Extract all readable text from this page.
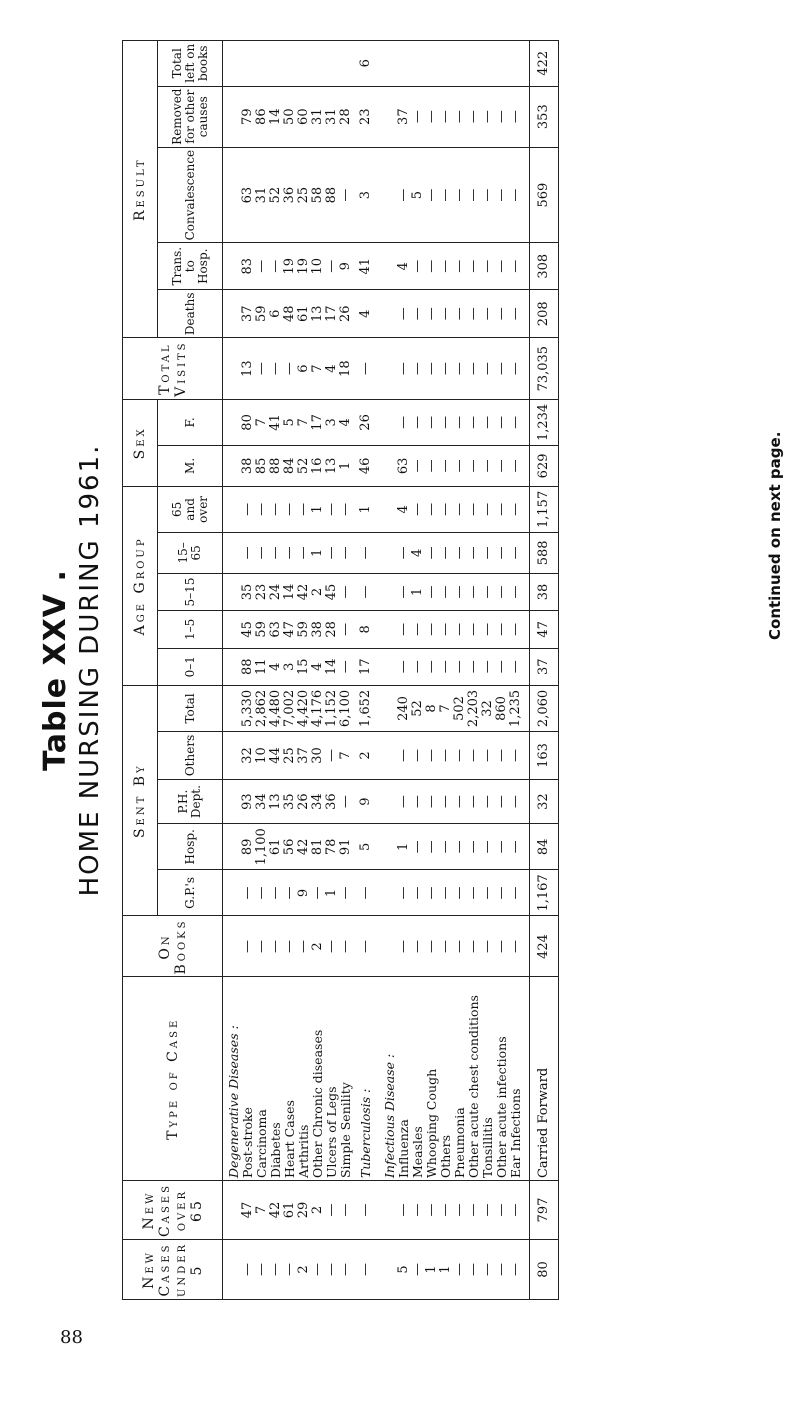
Table XXV . HOME NURSING DURING 1961.
New Cases under 5	New Cases over 65	Type of Case	On Books	Sent By					Age Group					Sex		Total Visits	Result				
				G.P.'s	Hosp.	P.H. Dept.	Others	Total	0–1	1–5	5–15	15–65	65 and over	M.	F.		Deaths	Trans. to Hosp.	Convalescence	Removed for other causes	Total left on books
		Degenerative Diseases :																			
—	47	Post-stroke	—	—	89	93	32	5,330	88	45	35	—	—	38	80	13	37	83	63	79	
—	7	Carcinoma	—	—	1,100	34	10	2,862	11	59	23	—	—	85	7	—	59	—	31	86	
—	42	Diabetes	—	—	61	13	44	4,480	4	63	24	—	—	88	41	—	6	—	52	14	
—	61	Heart Cases	—	—	56	35	25	7,002	3	47	14	—	—	84	5	—	48	19	36	50	
2	29	Arthritis	—	9	42	26	37	4,420	15	59	42	—	—	52	7	6	61	19	25	60	
—	2	Other Chronic diseases	2	—	81	34	30	4,176	4	38	2	1	1	16	17	7	13	10	58	31	
—	—	Ulcers of Legs	—	1	78	36	—	1,152	14	28	45	—	—	13	3	4	17	—	88	31	
—	—	Simple Senility	—	—	91	—	7	6,100	—	—	—	—	—	1	4	18	26	9	—	28	

—	—	Tuberculosis :	—	—	5	9	2	1,652	17	8	—	—	1	46	26	—	4	41	3	23	6

		Infectious Disease :																			
5	—	Influenza	—	—	1	—	—	240	—	—	—	—	4	63	—	—	—	4	—	37	
—	—	Measles	—	—	—	—	—	52	—	—	1	4	—	—	—	—	—	—	5	—	
1	—	Whooping Cough	—	—	—	—	—	8	—	—	—	—	—	—	—	—	—	—	—	—	
1	—	Others	—	—	—	—	—	7	—	—	—	—	—	—	—	—	—	—	—	—	
—	—	Pneumonia	—	—	—	—	—	502	—	—	—	—	—	—	—	—	—	—	—	—	
—	—	Other acute chest conditions	—	—	—	—	—	2,203	—	—	—	—	—	—	—	—	—	—	—	—	
—	—	Tonsillitis	—	—	—	—	—	32	—	—	—	—	—	—	—	—	—	—	—	—	
—	—	Other acute infections	—	—	—	—	—	860	—	—	—	—	—	—	—	—	—	—	—	—	
—	—	Ear Infections	—	—	—	—	—	1,235	—	—	—	—	—	—	—	—	—	—	—	—	

80	797	Carried Forward	424	1,167	84	32	163	2,060	37	47	38	588	1,157	629	1,234	73,035	208	308	569	353	422
Continued on next page.
88
